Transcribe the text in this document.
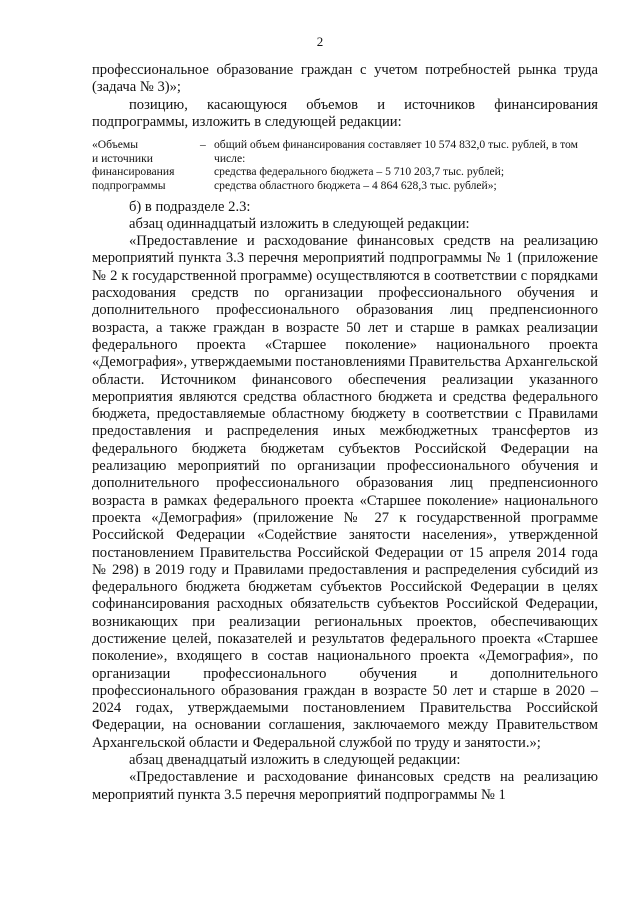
2

профессиональное образование граждан с учетом потребностей рынка труда (задача № 3)»;

позицию, касающуюся объемов и источников финансирования подпрограммы, изложить в следующей редакции:

«Объемы

и источники

финансирования

подпрограммы

– общий объем финансирования составляет 10 574 832,0 тыс. рублей, в том числе:

средства федерального бюджета – 5 710 203,7 тыс. рублей;

средства областного бюджета – 4 864 628,3 тыс. рублей»;

б) в подразделе 2.3:

абзац одиннадцатый изложить в следующей редакции:

«Предоставление и расходование финансовых средств на реализацию мероприятий пункта 3.3 перечня мероприятий подпрограммы № 1 (приложение № 2 к государственной программе) осуществляются в соответствии с порядками расходования средств по организации профессионального обучения и дополнительного профессионального образования лиц предпенсионного возраста, а также граждан в возрасте 50 лет и старше в рамках реализации федерального проекта «Старшее поколение» национального проекта «Демография», утверждаемыми постановлениями Правительства Архангельской области. Источником финансового обеспечения реализации указанного мероприятия являются средства областного бюджета и средства федерального бюджета, предоставляемые областному бюджету в соответствии с Правилами предоставления и распределения иных межбюджетных трансфертов из федерального бюджета бюджетам субъектов Российской Федерации на реализацию мероприятий по организации профессионального обучения и дополнительного профессионального образования лиц предпенсионного возраста в рамках федерального проекта «Старшее поколение» национального проекта «Демография» (приложение № 27 к государственной программе Российской Федерации «Содействие занятости населения», утвержденной постановлением Правительства Российской Федерации от 15 апреля 2014 года № 298) в 2019 году и Правилами предоставления и распределения субсидий из федерального бюджета бюджетам субъектов Российской Федерации в целях софинансирования расходных обязательств субъектов Российской Федерации, возникающих при реализации региональных проектов, обеспечивающих достижение целей, показателей и результатов федерального проекта «Старшее поколение», входящего в состав национального проекта «Демография», по организации профессионального обучения и дополнительного профессионального образования граждан в возрасте 50 лет и старше в 2020 – 2024 годах, утверждаемыми постановлением Правительства Российской Федерации, на основании соглашения, заключаемого между Правительством Архангельской области и Федеральной службой по труду и занятости.»;

абзац двенадцатый изложить в следующей редакции:

«Предоставление и расходование финансовых средств на реализацию мероприятий пункта 3.5 перечня мероприятий подпрограммы № 1
